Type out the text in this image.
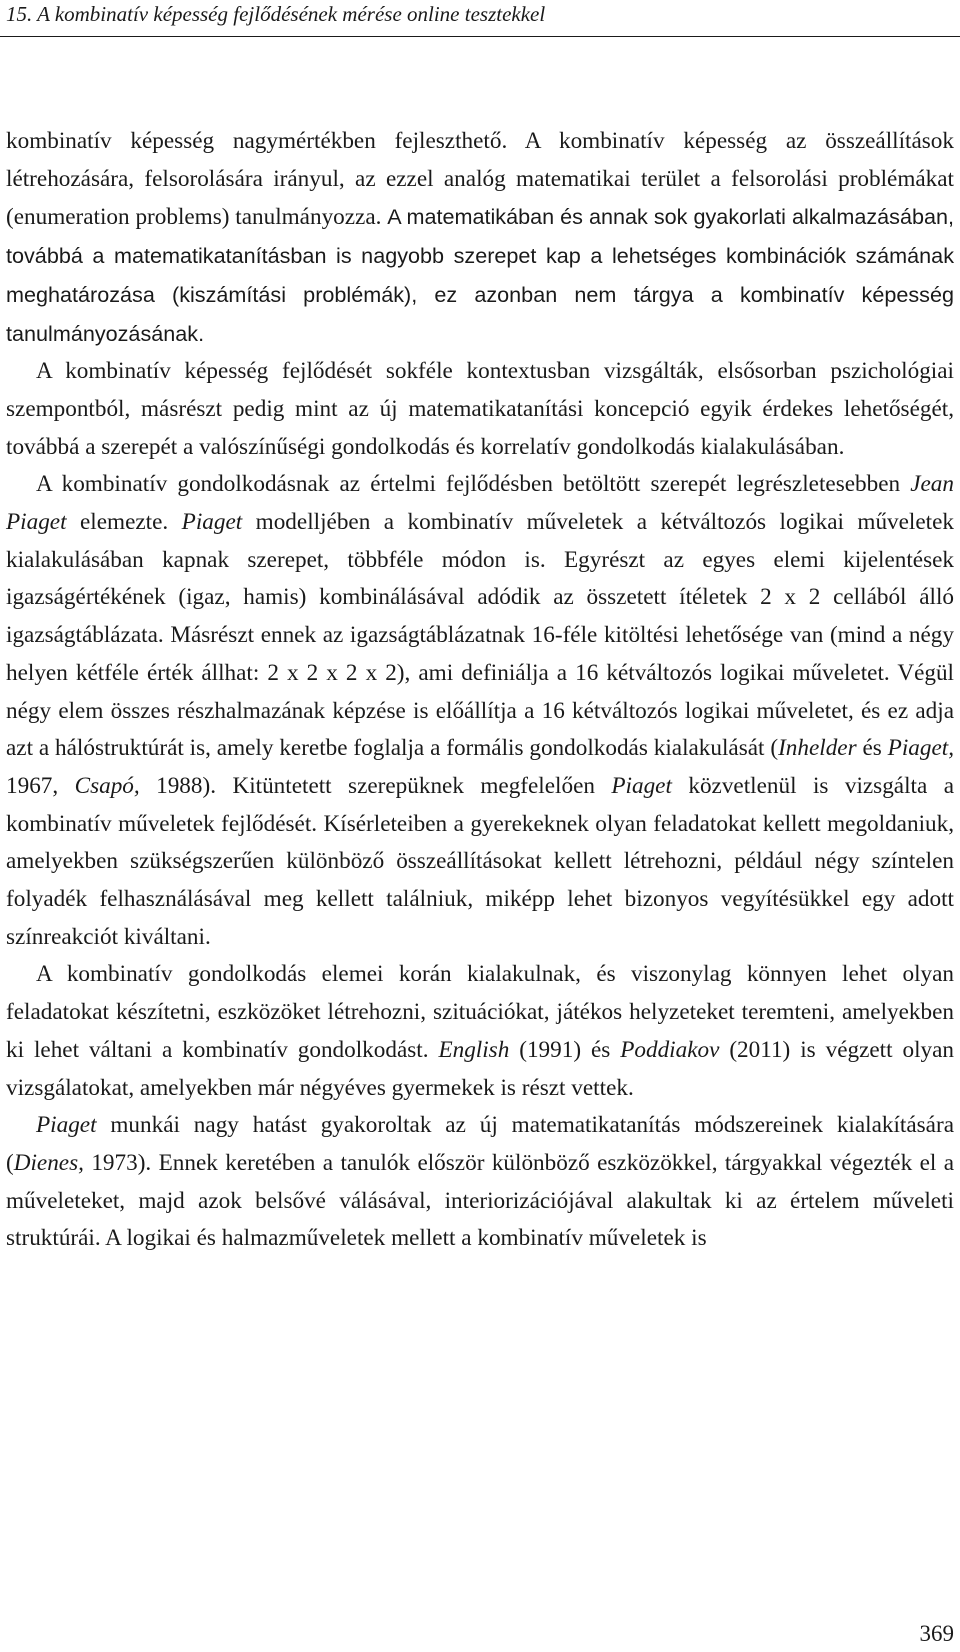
15. A kombinatív képesség fejlődésének mérése online tesztekkel

kombinatív képesség nagymértékben fejleszthető. A kombinatív képesség az összeállítások létrehozására, felsorolására irányul, az ezzel analóg matematikai terület a felsorolási problémákat (enumeration problems) tanulmányozza. A matematikában és annak sok gyakorlati alkalmazásában, továbbá a matematikatanításban is nagyobb szerepet kap a lehetséges kombinációk számának meghatározása (kiszámítási problémák), ez azonban nem tárgya a kombinatív képesség tanulmányozásának.

A kombinatív képesség fejlődését sokféle kontextusban vizsgálták, elsősorban pszichológiai szempontból, másrészt pedig mint az új matematikatanítási koncepció egyik érdekes lehetőségét, továbbá a szerepét a valószínűségi gondolkodás és korrelatív gondolkodás kialakulásában.

A kombinatív gondolkodásnak az értelmi fejlődésben betöltött szerepét legrészletesebben Jean Piaget elemezte. Piaget modelljében a kombinatív műveletek a kétváltozós logikai műveletek kialakulásában kapnak szerepet, többféle módon is. Egyrészt az egyes elemi kijelentések igazságértékének (igaz, hamis) kombinálásával adódik az összetett ítéletek 2 x 2 cellából álló igazságtáblázata. Másrészt ennek az igazságtáblázatnak 16-féle kitöltési lehetősége van (mind a négy helyen kétféle érték állhat: 2 x 2 x 2 x 2), ami definiálja a 16 kétváltozós logikai műveletet. Végül négy elem összes részhalmazának képzése is előállítja a 16 kétváltozós logikai műveletet, és ez adja azt a hálóstruktúrát is, amely keretbe foglalja a formális gondolkodás kialakulását (Inhelder és Piaget, 1967, Csapó, 1988). Kitüntetett szerepüknek megfelelően Piaget közvetlenül is vizsgálta a kombinatív műveletek fejlődését. Kísérleteiben a gyerekeknek olyan feladatokat kellett megoldaniuk, amelyekben szükségszerűen különböző összeállításokat kellett létrehozni, például négy színtelen folyadék felhasználásával meg kellett találniuk, miképp lehet bizonyos vegyítésükkel egy adott színreakciót kiváltani.

A kombinatív gondolkodás elemei korán kialakulnak, és viszonylag könnyen lehet olyan feladatokat készítetni, eszközöket létrehozni, szituációkat, játékos helyzeteket teremteni, amelyekben ki lehet váltani a kombinatív gondolkodást. English (1991) és Poddiakov (2011) is végzett olyan vizsgálatokat, amelyekben már négyéves gyermekek is részt vettek.

Piaget munkái nagy hatást gyakoroltak az új matematikatanítás módszereinek kialakítására (Dienes, 1973). Ennek keretében a tanulók először különböző eszközökkel, tárgyakkal végezték el a műveleteket, majd azok belsővé válásával, interiorizációjával alakultak ki az értelem műveleti struktúrái. A logikai és halmazműveletek mellett a kombinatív műveletek is

369
